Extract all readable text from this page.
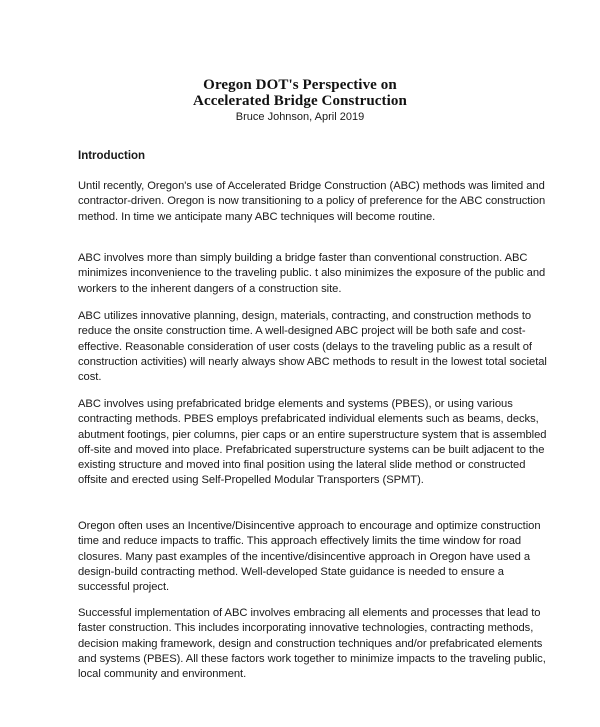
Oregon DOT's Perspective on
Accelerated Bridge Construction
Bruce Johnson, April 2019
Introduction

Until recently, Oregon's use of Accelerated Bridge Construction (ABC) methods was limited and contractor-driven. Oregon is now transitioning to a policy of preference for the ABC construction method. In time we anticipate many ABC techniques will become routine.

ABC involves more than simply building a bridge faster than conventional construction. ABC minimizes inconvenience to the traveling public. t also minimizes the exposure of the public and workers to the inherent dangers of a construction site.

ABC utilizes innovative planning, design, materials, contracting, and construction methods to reduce the onsite construction time. A well-designed ABC project will be both safe and cost-effective. Reasonable consideration of user costs (delays to the traveling public as a result of construction activities) will nearly always show ABC methods to result in the lowest total societal cost.

ABC involves using prefabricated bridge elements and systems (PBES), or using various contracting methods. PBES employs prefabricated individual elements such as beams, decks, abutment footings, pier columns, pier caps or an entire superstructure system that is assembled off-site and moved into place. Prefabricated superstructure systems can be built adjacent to the existing structure and moved into final position using the lateral slide method or constructed offsite and erected using Self-Propelled Modular Transporters (SPMT).

Oregon often uses an Incentive/Disincentive approach to encourage and optimize construction time and reduce impacts to traffic. This approach effectively limits the time window for road closures. Many past examples of the incentive/disincentive approach in Oregon have used a design-build contracting method. Well-developed State guidance is needed to ensure a successful project.

Successful implementation of ABC involves embracing all elements and processes that lead to faster construction. This includes incorporating innovative technologies, contracting methods, decision making framework, design and construction techniques and/or prefabricated elements and systems (PBES). All these factors work together to minimize impacts to the traveling public, local community and environment.
